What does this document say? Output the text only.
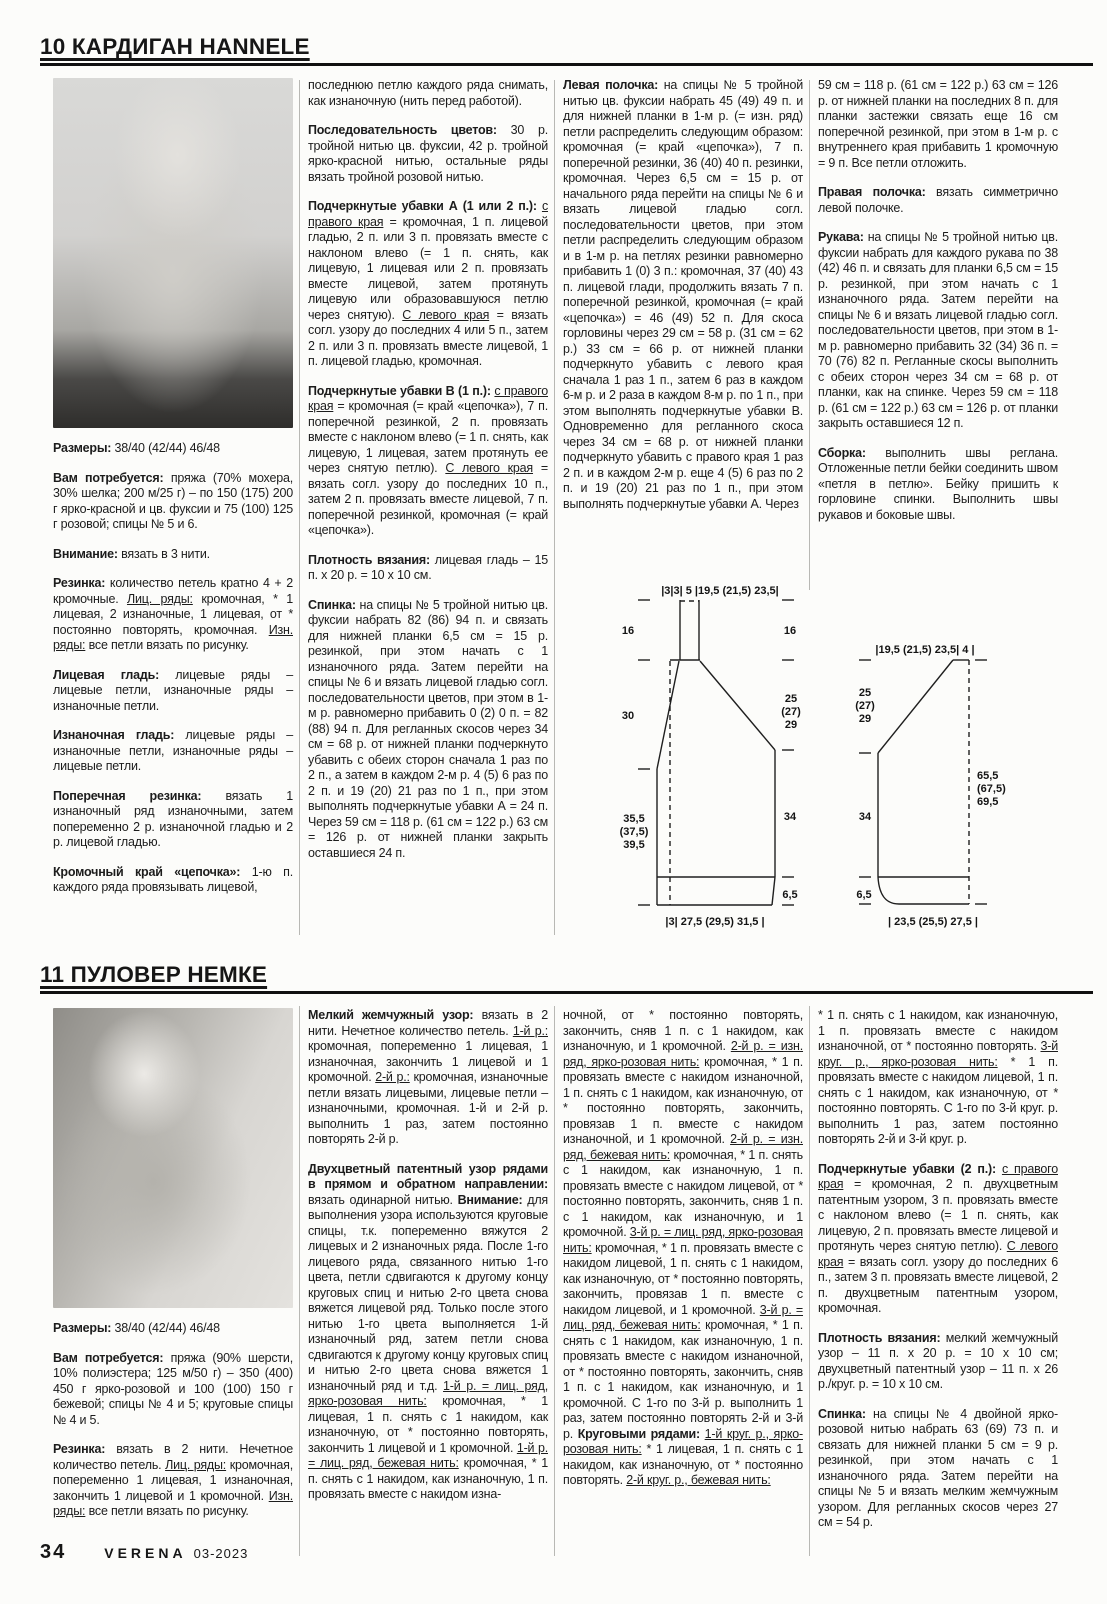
10 КАРДИГАН HANNELE

Размеры: 38/40 (42/44) 46/48

Вам потребуется: пряжа (70% мохера, 30% шелка; 200 м/25 г) – по 150 (175) 200 г ярко-красной и цв. фуксии и 75 (100) 125 г розовой; спицы № 5 и 6.

Внимание: вязать в 3 нити.

Резинка: количество петель кратно 4 + 2 кромочные. Лиц. ряды: кромочная, * 1 лицевая, 2 изнаночные, 1 лицевая, от * постоянно повторять, кромочная. Изн. ряды: все петли вязать по рисунку.

Лицевая гладь: лицевые ряды – лицевые петли, изнаночные ряды – изнаночные петли.

Изнаночная гладь: лицевые ряды – изнаночные петли, изнаночные ряды – лицевые петли.

Поперечная резинка: вязать 1 изнаночный ряд изнаночными, затем попеременно 2 р. изнаночной гладью и 2 р. лицевой гладью.

Кромочный край «цепочка»: 1-ю п. каждого ряда провязывать лицевой,

последнюю петлю каждого ряда снимать, как изнаночную (нить перед работой).

Последовательность цветов: 30 р. тройной нитью цв. фуксии, 42 р. тройной ярко-красной нитью, остальные ряды вязать тройной розовой нитью.

Подчеркнутые убавки А (1 или 2 п.): с правого края = кромочная, 1 п. лицевой гладью, 2 п. или 3 п. провязать вместе с наклоном влево (= 1 п. снять, как лицевую, 1 лицевая или 2 п. провязать вместе лицевой, затем протянуть лицевую или образовавшуюся петлю через снятую). С левого края = вязать согл. узору до последних 4 или 5 п., затем 2 п. или 3 п. провязать вместе лицевой, 1 п. лицевой гладью, кромочная.

Подчеркнутые убавки В (1 п.): с правого края = кромочная (= край «цепочка»), 7 п. поперечной резинкой, 2 п. провязать вместе с наклоном влево (= 1 п. снять, как лицевую, 1 лицевая, затем протянуть ее через снятую петлю). С левого края = вязать согл. узору до последних 10 п., затем 2 п. провязать вместе лицевой, 7 п. поперечной резинкой, кромочная (= край «цепочка»).

Плотность вязания: лицевая гладь – 15 п. x 20 р. = 10 x 10 см.

Спинка: на спицы № 5 тройной нитью цв. фуксии набрать 82 (86) 94 п. и связать для нижней планки 6,5 см = 15 р. резинкой, при этом начать с 1 изнаночного ряда. Затем перейти на спицы № 6 и вязать лицевой гладью согл. последовательности цветов, при этом в 1-м р. равномерно прибавить 0 (2) 0 п. = 82 (88) 94 п. Для регланных скосов через 34 см = 68 р. от нижней планки подчеркнуто убавить с обеих сторон сначала 1 раз по 2 п., а затем в каждом 2-м р. 4 (5) 6 раз по 2 п. и 19 (20) 21 раз по 1 п., при этом выполнять подчеркнутые убавки А = 24 п. Через 59 см = 118 р. (61 см = 122 р.) 63 см = 126 р. от нижней планки закрыть оставшиеся 24 п.

Левая полочка: на спицы № 5 тройной нитью цв. фуксии набрать 45 (49) 49 п. и для нижней планки в 1-м р. (= изн. ряд) петли распределить следующим образом: кромочная (= край «цепочка»), 7 п. поперечной резинки, 36 (40) 40 п. резинки, кромочная. Через 6,5 см = 15 р. от начального ряда перейти на спицы № 6 и вязать лицевой гладью согл. последовательности цветов, при этом петли распределить следующим образом и в 1-м р. на петлях резинки равномерно прибавить 1 (0) 3 п.: кромочная, 37 (40) 43 п. лицевой глади, продолжить вязать 7 п. поперечной резинкой, кромочная (= край «цепочка») = 46 (49) 52 п. Для скоса горловины через 29 см = 58 р. (31 см = 62 р.) 33 см = 66 р. от нижней планки подчеркнуто убавить с левого края сначала 1 раз 1 п., затем 6 раз в каждом 6-м р. и 2 раза в каждом 8-м р. по 1 п., при этом выполнять подчеркнутые убавки В. Одновременно для регланного скоса через 34 см = 68 р. от нижней планки подчеркнуто убавить с правого края 1 раз 2 п. и в каждом 2-м р. еще 4 (5) 6 раз по 2 п. и 19 (20) 21 раз по 1 п., при этом выполнять подчеркнутые убавки А. Через

59 см = 118 р. (61 см = 122 р.) 63 см = 126 р. от нижней планки на последних 8 п. для планки застежки связать еще 16 см поперечной резинкой, при этом в 1-м р. с внутреннего края прибавить 1 кромочную = 9 п. Все петли отложить.

Правая полочка: вязать симметрично левой полочке.

Рукава: на спицы № 5 тройной нитью цв. фуксии набрать для каждого рукава по 38 (42) 46 п. и связать для планки 6,5 см = 15 р. резинкой, при этом начать с 1 изнаночного ряда. Затем перейти на спицы № 6 и вязать лицевой гладью согл. последовательности цветов, при этом в 1-м р. равномерно прибавить 32 (34) 36 п. = 70 (76) 82 п. Регланные скосы выполнить с обеих сторон через 34 см = 68 р. от планки, как на спинке. Через 59 см = 118 р. (61 см = 122 р.) 63 см = 126 р. от планки закрыть оставшиеся 12 п.

Сборка: выполнить швы реглана. Отложенные петли бейки соединить швом «петля в петлю». Бейку пришить к горловине спинки. Выполнить швы рукавов и боковые швы.

|3|3| 5 |19,5 (21,5) 23,5|
16	16
30
25
(27)
29
35,5
(37,5)
39,5
34
6,5
|3| 27,5 (29,5) 31,5 |
|19,5 (21,5) 23,5| 4 |
25
(27)
29
34
6,5
65,5
(67,5)
69,5
| 23,5 (25,5) 27,5 |
11 ПУЛОВЕР НЕМКЕ

Размеры: 38/40 (42/44) 46/48

Вам потребуется: пряжа (90% шерсти, 10% полиэстера; 125 м/50 г) – 350 (400) 450 г ярко-розовой и 100 (100) 150 г бежевой; спицы № 4 и 5; круговые спицы № 4 и 5.

Резинка: вязать в 2 нити. Нечетное количество петель. Лиц. ряды: кромочная, попеременно 1 лицевая, 1 изнаночная, закончить 1 лицевой и 1 кромочной. Изн. ряды: все петли вязать по рисунку.

Мелкий жемчужный узор: вязать в 2 нити. Нечетное количество петель. 1-й р.: кромочная, попеременно 1 лицевая, 1 изнаночная, закончить 1 лицевой и 1 кромочной. 2-й р.: кромочная, изнаночные петли вязать лицевыми, лицевые петли – изнаночными, кромочная. 1-й и 2-й р. выполнить 1 раз, затем постоянно повторять 2-й р.

Двухцветный патентный узор рядами в прямом и обратном направлении: вязать одинарной нитью. Внимание: для выполнения узора используются круговые спицы, т.к. попеременно вяжутся 2 лицевых и 2 изнаночных ряда. После 1-го лицевого ряда, связанного нитью 1-го цвета, петли сдвигаются к другому концу круговых спиц и нитью 2-го цвета снова вяжется лицевой ряд. Только после этого нитью 1-го цвета выполняется 1-й изнаночный ряд, затем петли снова сдвигаются к другому концу круговых спиц и нитью 2-го цвета снова вяжется 1 изнаночный ряд и т.д. 1-й р. = лиц. ряд, ярко-розовая нить: кромочная, * 1 лицевая, 1 п. снять с 1 накидом, как изнаночную, от * постоянно повторять, закончить 1 лицевой и 1 кромочной. 1-й р. = лиц. ряд, бежевая нить: кромочная, * 1 п. снять с 1 накидом, как изнаночную, 1 п. провязать вместе с накидом изна-

ночной, от * постоянно повторять, закончить, сняв 1 п. с 1 накидом, как изнаночную, и 1 кромочной. 2-й р. = изн. ряд, ярко-розовая нить: кромочная, * 1 п. провязать вместе с накидом изнаночной, 1 п. снять с 1 накидом, как изнаночную, от * постоянно повторять, закончить, провязав 1 п. вместе с накидом изнаночной, и 1 кромочной. 2-й р. = изн. ряд, бежевая нить: кромочная, * 1 п. снять с 1 накидом, как изнаночную, 1 п. провязать вместе с накидом лицевой, от * постоянно повторять, закончить, сняв 1 п. с 1 накидом, как изнаночную, и 1 кромочной. 3-й р. = лиц. ряд, ярко-розовая нить: кромочная, * 1 п. провязать вместе с накидом лицевой, 1 п. снять с 1 накидом, как изнаночную, от * постоянно повторять, закончить, провязав 1 п. вместе с накидом лицевой, и 1 кромочной. 3-й р. = лиц. ряд, бежевая нить: кромочная, * 1 п. снять с 1 накидом, как изнаночную, 1 п. провязать вместе с накидом изнаночной, от * постоянно повторять, закончить, сняв 1 п. с 1 накидом, как изнаночную, и 1 кромочной. С 1-го по 3-й р. выполнить 1 раз, затем постоянно повторять 2-й и 3-й р. Круговыми рядами: 1-й круг. р., ярко-розовая нить: * 1 лицевая, 1 п. снять с 1 накидом, как изнаночную, от * постоянно повторять. 2-й круг. р., бежевая нить:

* 1 п. снять с 1 накидом, как изнаночную, 1 п. провязать вместе с накидом изнаночной, от * постоянно повторять. 3-й круг. р., ярко-розовая нить: * 1 п. провязать вместе с накидом лицевой, 1 п. снять с 1 накидом, как изнаночную, от * постоянно повторять. С 1-го по 3-й круг. р. выполнить 1 раз, затем постоянно повторять 2-й и 3-й круг. р.

Подчеркнутые убавки (2 п.): с правого края = кромочная, 2 п. двухцветным патентным узором, 3 п. провязать вместе с наклоном влево (= 1 п. снять, как лицевую, 2 п. провязать вместе лицевой и протянуть через снятую петлю). С левого края = вязать согл. узору до последних 6 п., затем 3 п. провязать вместе лицевой, 2 п. двухцветным патентным узором, кромочная.

Плотность вязания: мелкий жемчужный узор – 11 п. x 20 р. = 10 x 10 см; двухцветный патентный узор – 11 п. x 26 р./круг. р. = 10 x 10 см.

Спинка: на спицы № 4 двойной ярко-розовой нитью набрать 63 (69) 73 п. и связать для нижней планки 5 см = 9 р. резинкой, при этом начать с 1 изнаночного ряда. Затем перейти на спицы № 5 и вязать мелким жемчужным узором. Для регланных скосов через 27 см = 54 р.

34	VERENA 03-2023
